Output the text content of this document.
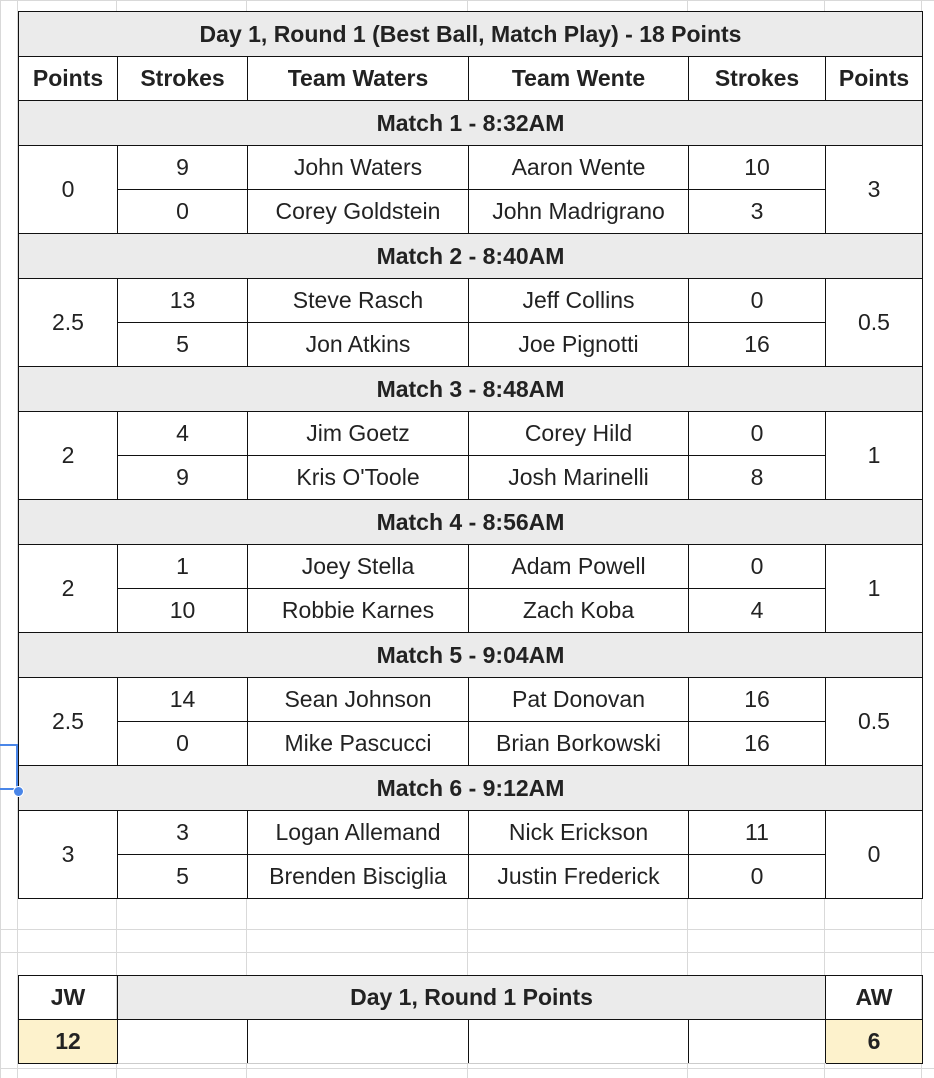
Day 1, Round 1 (Best Ball, Match Play) - 18 Points					
Points	Strokes	Team Waters	Team Wente	Strokes	Points
Match 1 - 8:32AM					
0	9	John Waters	Aaron Wente	10	3
	0	Corey Goldstein	John Madrigrano	3	
Match 2 - 8:40AM					
2.5	13	Steve Rasch	Jeff Collins	0	0.5
	5	Jon Atkins	Joe Pignotti	16	
Match 3 - 8:48AM					
2	4	Jim Goetz	Corey Hild	0	1
	9	Kris O'Toole	Josh Marinelli	8	
Match 4 - 8:56AM					
2	1	Joey Stella	Adam Powell	0	1
	10	Robbie Karnes	Zach Koba	4	
Match 5 - 9:04AM					
2.5	14	Sean Johnson	Pat Donovan	16	0.5
	0	Mike Pascucci	Brian Borkowski	16	
Match 6 - 9:12AM					
3	3	Logan Allemand	Nick Erickson	11	0
	5	Brenden Bisciglia	Justin Frederick	0	
JW	Day 1, Round 1 Points				AW
12					6
